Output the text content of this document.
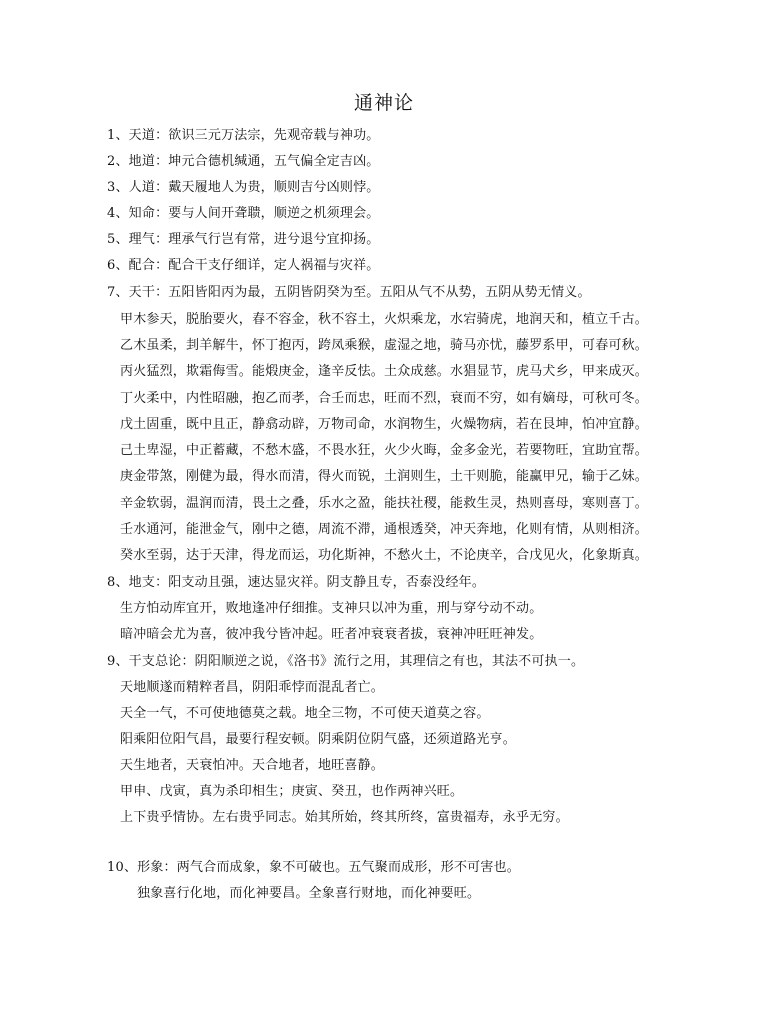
通神论
1、天道：欲识三元万法宗，先观帝载与神功。
2、地道：坤元合德机缄通，五气偏全定吉凶。
3、人道：戴天履地人为贵，顺则吉兮凶则悖。
4、知命：要与人间开聋聩，顺逆之机须理会。
5、理气：理承气行岂有常，进兮退兮宜抑扬。
6、配合：配合干支仔细详，定人祸福与灾祥。
7、天干：五阳皆阳丙为最，五阴皆阴癸为至。五阳从气不从势，五阴从势无情义。
甲木参天，脱胎要火，春不容金，秋不容土，火炽乘龙，水宕骑虎，地润天和，植立千古。
乙木虽柔，刲羊解牛，怀丁抱丙，跨凤乘猴，虚湿之地，骑马亦忧，藤罗系甲，可春可秋。
丙火猛烈，欺霜侮雪。能煅庚金，逢辛反怯。土众成慈。水猖显节，虎马犬乡，甲来成灭。
丁火柔中，内性昭融，抱乙而孝，合壬而忠，旺而不烈，衰而不穷，如有嫡母，可秋可冬。
戊土固重，既中且正，静翕动辟，万物司命，水润物生，火燥物病，若在艮坤，怕冲宜静。
己土卑湿，中正蓄藏，不愁木盛，不畏水狂，火少火晦，金多金光，若要物旺，宜助宜帮。
庚金带煞，刚健为最，得水而清，得火而锐，土润则生，土干则脆，能赢甲兄，输于乙妹。
辛金软弱，温润而清，畏土之叠，乐水之盈，能扶社稷，能救生灵，热则喜母，寒则喜丁。
壬水通河，能泄金气，刚中之德，周流不滞，通根透癸，冲天奔地，化则有情，从则相济。
癸水至弱，达于天津，得龙而运，功化斯神，不愁火土，不论庚辛，合戊见火，化象斯真。
8、地支：阳支动且强，速达显灾祥。阴支静且专，否泰没经年。
生方怕动库宜开，败地逢冲仔细推。支神只以冲为重，刑与穿兮动不动。
暗冲暗会尤为喜，彼冲我兮皆冲起。旺者冲衰衰者拔，衰神冲旺旺神发。
9、干支总论：阴阳顺逆之说，《洛书》流行之用，其理信之有也，其法不可执一。
天地顺遂而精粹者昌，阴阳乖悖而混乱者亡。
天全一气，不可使地德莫之载。地全三物，不可使天道莫之容。
阳乘阳位阳气昌，最要行程安顿。阴乘阴位阴气盛，还须道路光亨。
天生地者，天衰怕冲。天合地者，地旺喜静。
甲申、戊寅，真为杀印相生；庚寅、癸丑，也作两神兴旺。
上下贵乎情协。左右贵乎同志。始其所始，终其所终，富贵福寿，永乎无穷。
10、形象：两气合而成象，象不可破也。五气聚而成形，形不可害也。
独象喜行化地，而化神要昌。全象喜行财地，而化神要旺。
